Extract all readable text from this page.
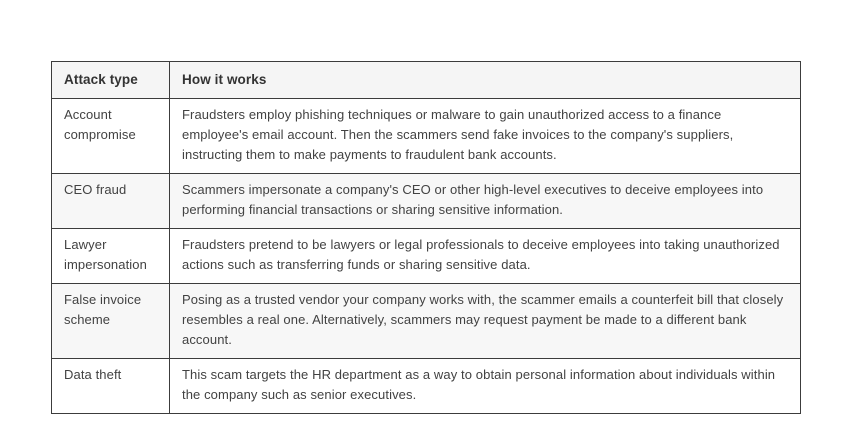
Attack type	How it works
Account compromise	Fraudsters employ phishing techniques or malware to gain unauthorized access to a finance employee's email account. Then the scammers send fake invoices to the company's suppliers, instructing them to make payments to fraudulent bank accounts.
CEO fraud	Scammers impersonate a company's CEO or other high-level executives to deceive employees into performing financial transactions or sharing sensitive information.
Lawyer impersonation	Fraudsters pretend to be lawyers or legal professionals to deceive employees into taking unauthorized actions such as transferring funds or sharing sensitive data.
False invoice scheme	Posing as a trusted vendor your company works with, the scammer emails a counterfeit bill that closely resembles a real one. Alternatively, scammers may request payment be made to a different bank account.
Data theft	This scam targets the HR department as a way to obtain personal information about individuals within the company such as senior executives.
